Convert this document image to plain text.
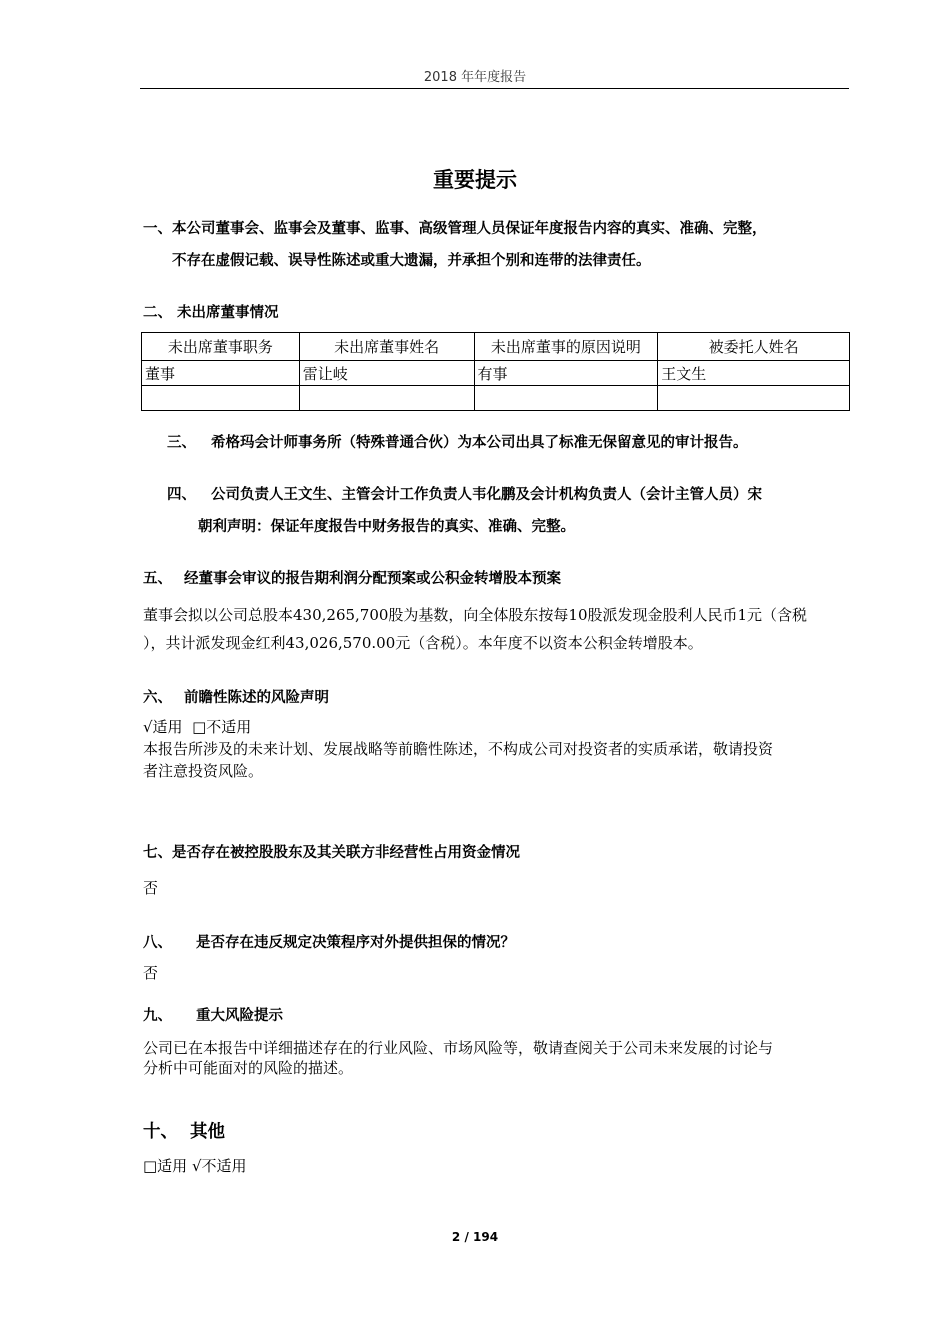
2018 年年度报告
重要提示
一、本公司董事会、监事会及董事、监事、高级管理人员保证年度报告内容的真实、准确、完整，
不存在虚假记载、误导性陈述或重大遗漏，并承担个别和连带的法律责任。
二、 未出席董事情况
未出席董事职务	未出席董事姓名	未出席董事的原因说明	被委托人姓名
董事	雷让岐	有事	王文生

三、 希格玛会计师事务所（特殊普通合伙）为本公司出具了标准无保留意见的审计报告。
四、 公司负责人王文生、主管会计工作负责人韦化鹏及会计机构负责人（会计主管人员）宋
朝利声明：保证年度报告中财务报告的真实、准确、完整。
五、 经董事会审议的报告期利润分配预案或公积金转增股本预案
董事会拟以公司总股本430,265,700股为基数，向全体股东按每10股派发现金股利人民币1元（含税
），共计派发现金红利43,026,570.00元（含税）。本年度不以资本公积金转增股本。
六、 前瞻性陈述的风险声明
√适用  □不适用
本报告所涉及的未来计划、发展战略等前瞻性陈述，不构成公司对投资者的实质承诺，敬请投资
者注意投资风险。
七、是否存在被控股股东及其关联方非经营性占用资金情况
否
八、 是否存在违反规定决策程序对外提供担保的情况？
否
九、 重大风险提示
公司已在本报告中详细描述存在的行业风险、市场风险等，敬请查阅关于公司未来发展的讨论与
分析中可能面对的风险的描述。
十、 其他
□适用 √不适用
2 / 194
